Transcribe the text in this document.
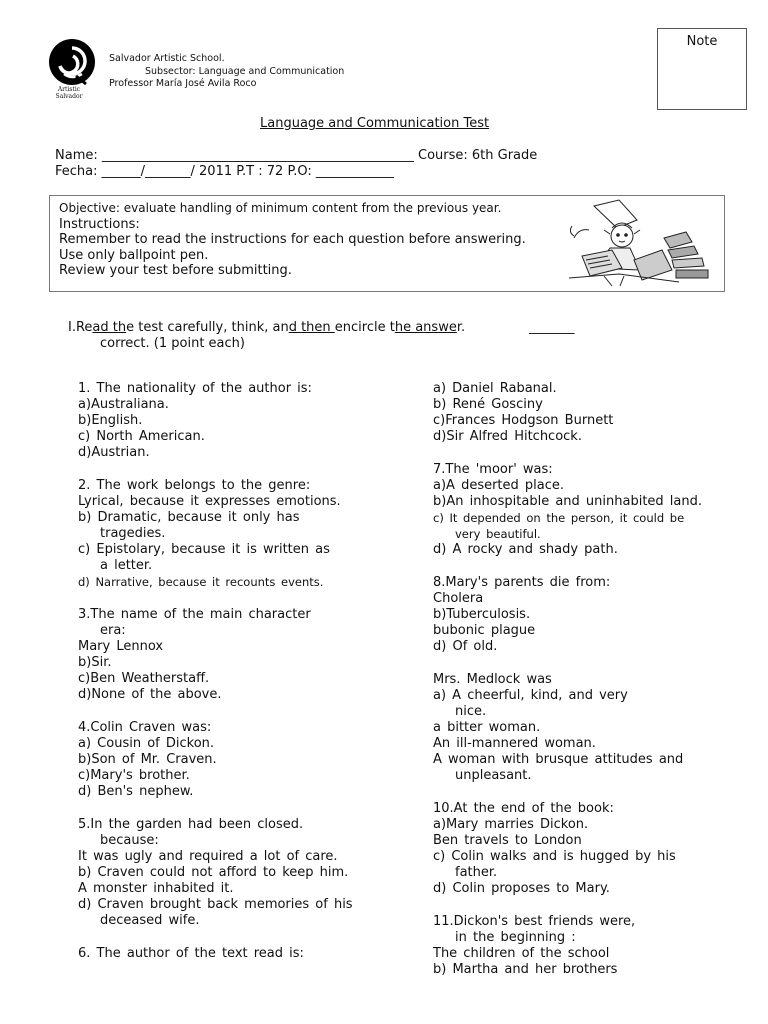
Artistic Salvador
Salvador Artistic School.
Subsector: Language and Communication
Professor María José Avila Roco
Note
Language and Communication Test
Name: ________________________________________________ Course: 6th Grade
Fecha: ______/_______/ 2011 P.T : 72 P.O: ____________
Objective: evaluate handling of minimum content from the previous year.
Instructions:
Remember to read the instructions for each question before answering.
Use only ballpoint pen.
Review your test before submitting.
I.Read the test carefully, think, and then encircle the answer.	_______
correct. (1 point each)
1. The nationality of the author is:
a)Australiana.
b)English.
c) North American.
d)Austrian.
2. The work belongs to the genre:
Lyrical, because it expresses emotions.
b) Dramatic, because it only has
tragedies.
c) Epistolary, because it is written as
a letter.
d) Narrative, because it recounts events.
3.The name of the main character
era:
Mary Lennox
b)Sir.
c)Ben Weatherstaff.
d)None of the above.
4.Colin Craven was:
a) Cousin of Dickon.
b)Son of Mr. Craven.
c)Mary's brother.
d) Ben's nephew.
5.In the garden had been closed.
because:
It was ugly and required a lot of care.
b) Craven could not afford to keep him.
A monster inhabited it.
d) Craven brought back memories of his
deceased wife.
6. The author of the text read is:
a) Daniel Rabanal.
b) René Gosciny
c)Frances Hodgson Burnett
d)Sir Alfred Hitchcock.
7.The 'moor' was:
a)A deserted place.
b)An inhospitable and uninhabited land.
c) It depended on the person, it could be
very beautiful.
d) A rocky and shady path.
8.Mary's parents die from:
Cholera
b)Tuberculosis.
bubonic plague
d) Of old.
Mrs. Medlock was
a) A cheerful, kind, and very
nice.
a bitter woman.
An ill-mannered woman.
A woman with brusque attitudes and
unpleasant.
10.At the end of the book:
a)Mary marries Dickon.
Ben travels to London
c) Colin walks and is hugged by his
father.
d) Colin proposes to Mary.
11.Dickon's best friends were,
in the beginning :
The children of the school
b) Martha and her brothers
